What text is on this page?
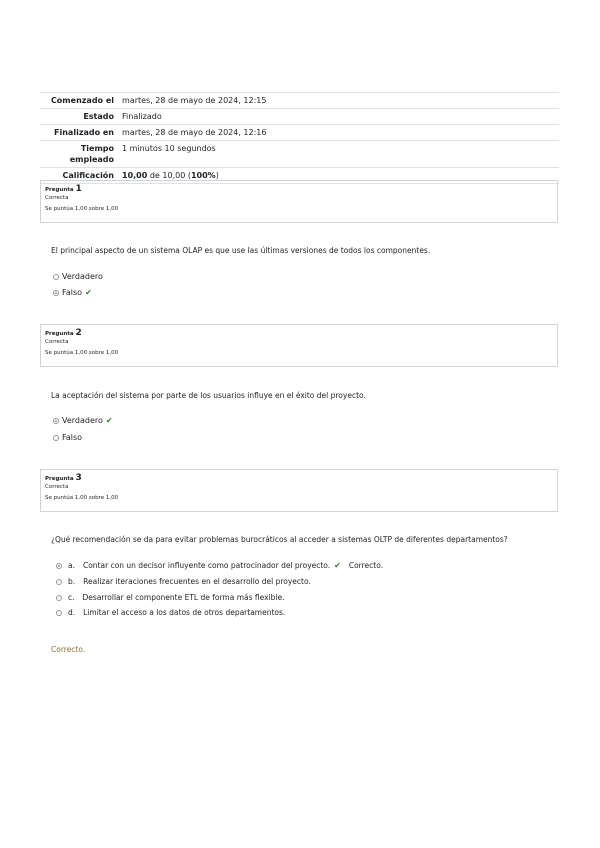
Comenzado el	martes, 28 de mayo de 2024, 12:15
Estado	Finalizado
Finalizado en	martes, 28 de mayo de 2024, 12:16
Tiempo empleado	1 minutos 10 segundos
Calificación	10,00 de 10,00 (100%)
Pregunta 1
Correcta
Se puntúa 1,00 sobre 1,00
El principal aspecto de un sistema OLAP es que use las últimas versiones de todos los componentes.
Verdadero
Falso ✔
Pregunta 2
Correcta
Se puntúa 1,00 sobre 1,00
La aceptación del sistema por parte de los usuarios influye en el éxito del proyecto.
Verdadero ✔
Falso
Pregunta 3
Correcta
Se puntúa 1,00 sobre 1,00
¿Qué recomendación se da para evitar problemas burocráticos al acceder a sistemas OLTP de diferentes departamentos?
a. Contar con un decisor influyente como patrocinador del proyecto. ✔ Correcto.
b. Realizar iteraciones frecuentes en el desarrollo del proyecto.
c. Desarrollar el componente ETL de forma más flexible.
d. Limitar el acceso a los datos de otros departamentos.
Correcto.
